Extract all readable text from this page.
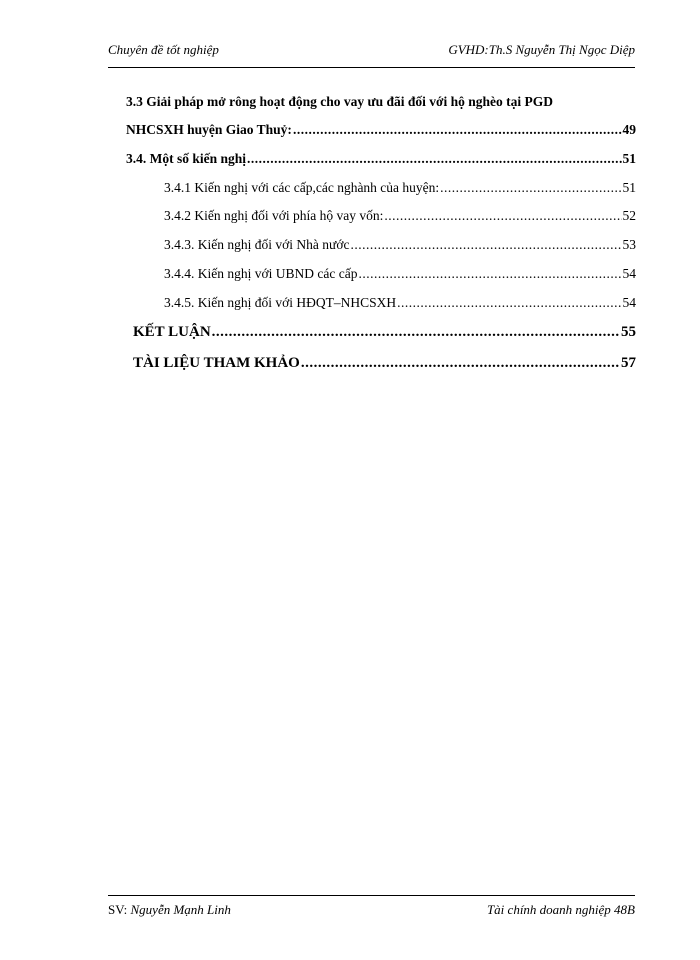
Chuyên đề tốt nghiệp	GVHD:Th.S Nguyễn Thị Ngọc Diệp
3.3 Giải pháp mở rông hoạt động cho vay ưu đãi đối với hộ nghèo tại PGD
NHCSXH huyện Giao Thuỷ: .....	49
3.4. Một số kiến nghị .....	51
3.4.1 Kiến nghị với các cấp,các nghành của huyện: .....	51
3.4.2 Kiến nghị đối với phía hộ vay vốn: .....	52
3.4.3. Kiến nghị đối với Nhà nước .....	53
3.4.4. Kiến nghị với UBND các cấp .....	54
3.4.5. Kiến nghị đối với HĐQT–NHCSXH .....	54
KẾT LUẬN .....	55
TÀI LIỆU THAM KHẢO .....	57
SV: Nguyễn Mạnh Linh	Tài chính doanh nghiệp 48B
